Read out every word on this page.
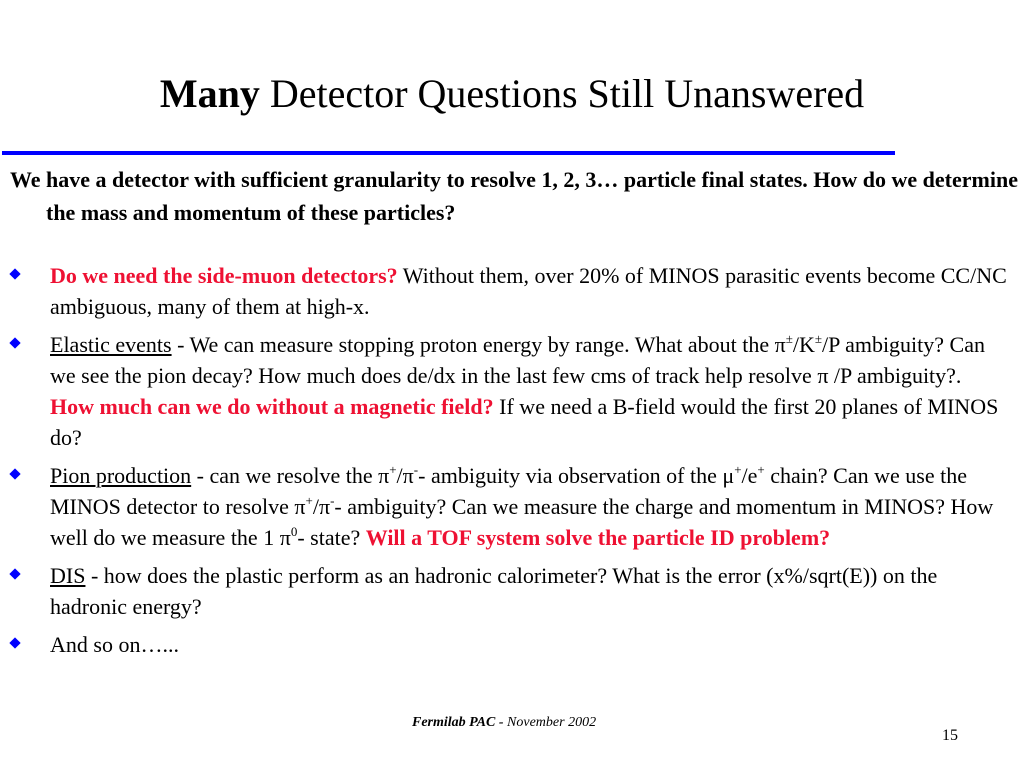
Many Detector Questions Still Unanswered
We have a detector with sufficient granularity to resolve 1, 2, 3… particle final states. How do we determine the mass and momentum of these particles?
Do we need the side-muon detectors? Without them, over 20% of MINOS parasitic events become CC/NC ambiguous, many of them at high-x.
Elastic events - We can measure stopping proton energy by range. What about the π±/K±/P ambiguity? Can we see the pion decay? How much does de/dx in the last few cms of track help resolve π /P ambiguity?. How much can we do without a magnetic field? If we need a B-field would the first 20 planes of MINOS do?
Pion production - can we resolve the π+/π-- ambiguity via observation of the μ+/e+ chain? Can we use the MINOS detector to resolve π+/π-- ambiguity? Can we measure the charge and momentum in MINOS? How well do we measure the 1 $\pi^0-$ state? Will a TOF system solve the particle ID problem?
DIS - how does the plastic perform as an hadronic calorimeter? What is the error (x%/sqrt(E)) on the hadronic energy?
And so on…...
Fermilab PAC - November 2002
15
